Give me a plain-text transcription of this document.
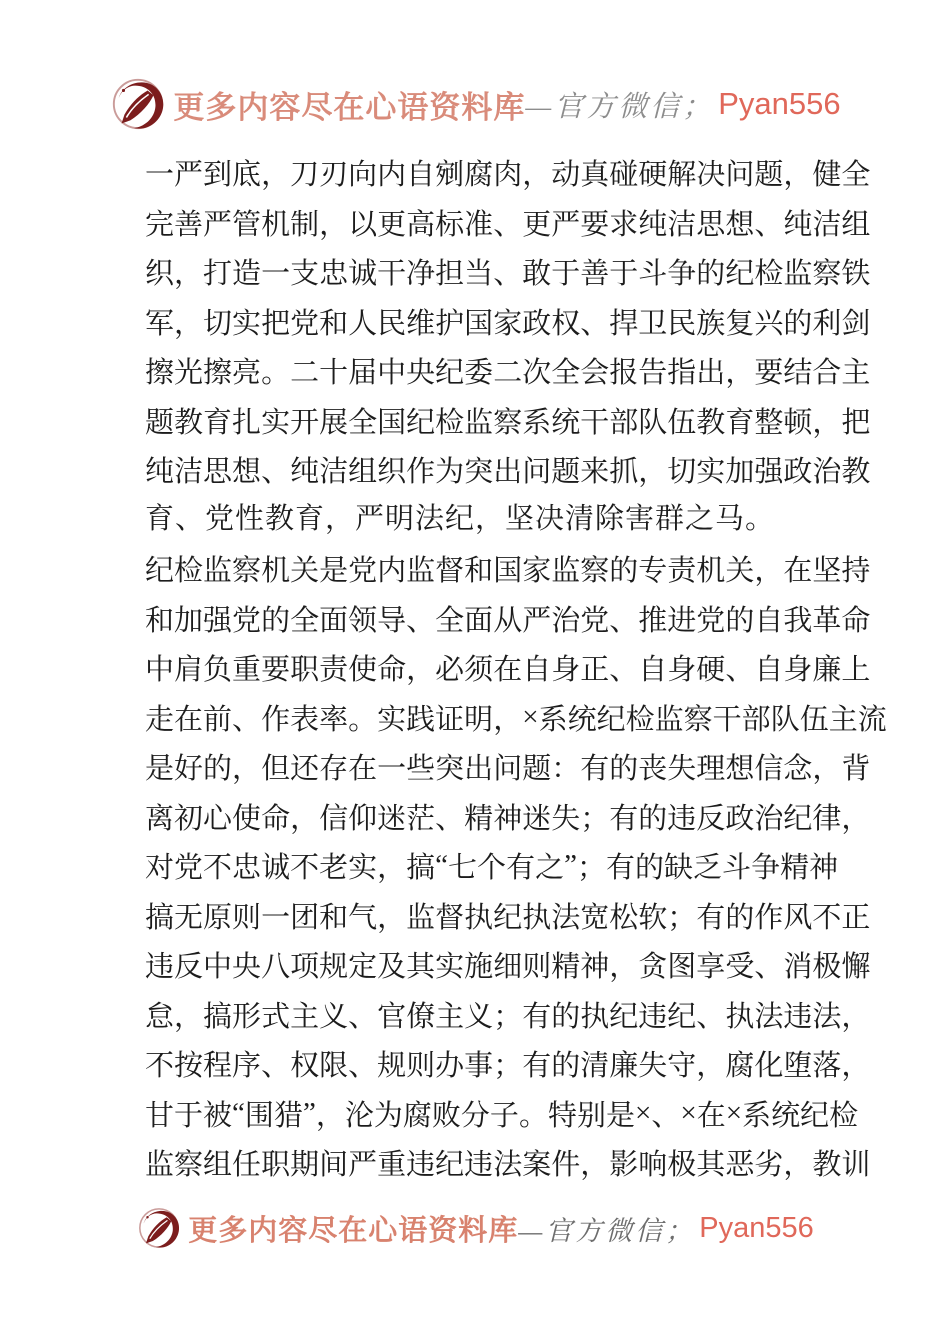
更多内容尽在心语资料库 —官方微信； Pyan556
一 严 到 底 ， 刀 刃 向 内 自 剜 腐 肉 ， 动 真 碰 硬 解 决 问 题 ， 健 全
完 善 严 管 机 制 ， 以 更 高 标 准 、 更 严 要 求 纯 洁 思 想 、 纯 洁 组
织 ， 打 造 一 支 忠 诚 干 净 担 当 、 敢 于 善 于 斗 争 的 纪 检 监 察 铁
军 ， 切 实 把 党 和 人 民 维 护 国 家 政 权 、 捍 卫 民 族 复 兴 的 利 剑
擦 光 擦 亮 。 二 十 届 中 央 纪 委 二 次 全 会 报 告 指 出 ， 要 结 合 主
题 教 育 扎 实 开 展 全 国 纪 检 监 察 系 统 干 部 队 伍 教 育 整 顿 ， 把
纯 洁 思 想 、 纯 洁 组 织 作 为 突 出 问 题 来 抓 ， 切 实 加 强 政 治 教
育、党性教育，严明法纪，坚决清除害群之马。
纪 检 监 察 机 关 是 党 内 监 督 和 国 家 监 察 的 专 责 机 关 ， 在 坚 持
和 加 强 党 的 全 面 领 导 、 全 面 从 严 治 党 、 推 进 党 的 自 我 革 命
中 肩 负 重 要 职 责 使 命 ， 必 须 在 自 身 正 、 自 身 硬 、 自 身 廉 上
走 在 前 、 作 表 率 。 实 践 证 明 ， × 系 统 纪 检 监 察 干 部 队 伍 主 流
是 好 的 ， 但 还 存 在 一 些 突 出 问 题 ： 有 的 丧 失 理 想 信 念 ， 背
离 初 心 使 命 ， 信 仰 迷 茫 、 精 神 迷 失 ； 有 的 违 反 政 治 纪 律 ，
对 党 不 忠 诚 不 老 实 ， 搞 “ 七 个 有 之 ” ； 有 的 缺 乏 斗 争 精 神
搞 无 原 则 一 团 和 气 ， 监 督 执 纪 执 法 宽 松 软 ； 有 的 作 风 不 正
违 反 中 央 八 项 规 定 及 其 实 施 细 则 精 神 ， 贪 图 享 受 、 消 极 懈
怠 ， 搞 形 式 主 义 、 官 僚 主 义 ； 有 的 执 纪 违 纪 、 执 法 违 法 ，
不 按 程 序 、 权 限 、 规 则 办 事 ； 有 的 清 廉 失 守 ， 腐 化 堕 落 ，
甘 于 被 “ 围 猎 ” ， 沦 为 腐 败 分 子 。 特 别 是 × 、 × 在 × 系 统 纪 检
监 察 组 任 职 期 间 严 重 违 纪 违 法 案 件 ， 影 响 极 其 恶 劣 ， 教 训
更多内容尽在心语资料库 —官方微信； Pyan556
